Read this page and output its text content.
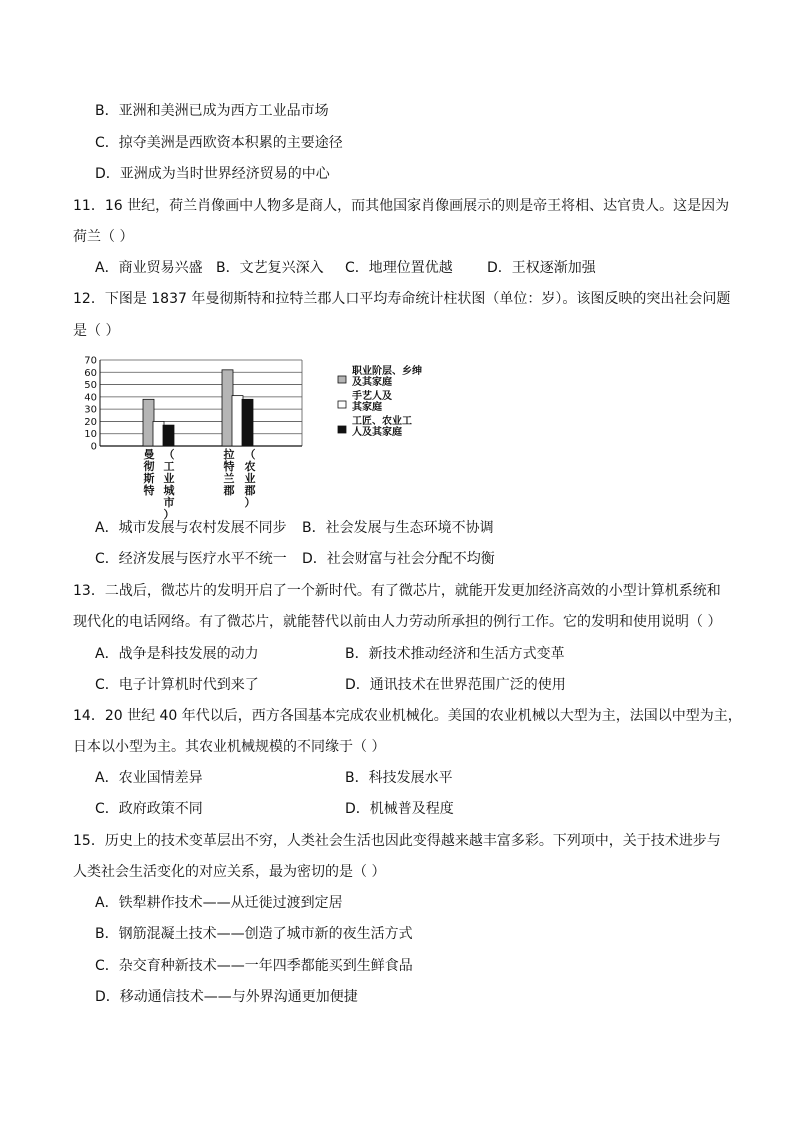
B．亚洲和美洲已成为西方工业品市场
C．掠夺美洲是西欧资本积累的主要途径
D．亚洲成为当时世界经济贸易的中心
11．16 世纪，荷兰肖像画中人物多是商人，而其他国家肖像画展示的则是帝王将相、达官贵人。这是因为
荷兰（ ）
A．商业贸易兴盛 B．文艺复兴深入 C．地理位置优越 D．王权逐渐加强
12．下图是 1837 年曼彻斯特和拉特兰郡人口平均寿命统计柱状图（单位：岁）。该图反映的突出社会问题
是（ ）
70
60
50
40
30
20
10
0
曼彻斯特
（工业城市）
拉特兰郡
（农业郡）
职业阶层、乡绅及其家庭
手艺人及其家庭
工匠、农业工人及其家庭
A．城市发展与农村发展不同步 B．社会发展与生态环境不协调
C．经济发展与医疗水平不统一 D．社会财富与社会分配不均衡
13．二战后，微芯片的发明开启了一个新时代。有了微芯片，就能开发更加经济高效的小型计算机系统和
现代化的电话网络。有了微芯片，就能替代以前由人力劳动所承担的例行工作。它的发明和使用说明（ ）
A．战争是科技发展的动力	B．新技术推动经济和生活方式变革
C．电子计算机时代到来了	D．通讯技术在世界范围广泛的使用
14．20 世纪 40 年代以后，西方各国基本完成农业机械化。美国的农业机械以大型为主，法国以中型为主，
日本以小型为主。其农业机械规模的不同缘于（ ）
A．农业国情差异	B．科技发展水平
C．政府政策不同	D．机械普及程度
15．历史上的技术变革层出不穷，人类社会生活也因此变得越来越丰富多彩。下列项中，关于技术进步与
人类社会生活变化的对应关系，最为密切的是（ ）
A．铁犁耕作技术——从迁徙过渡到定居
B．钢筋混凝土技术——创造了城市新的夜生活方式
C．杂交育种新技术——一年四季都能买到生鲜食品
D．移动通信技术——与外界沟通更加便捷
